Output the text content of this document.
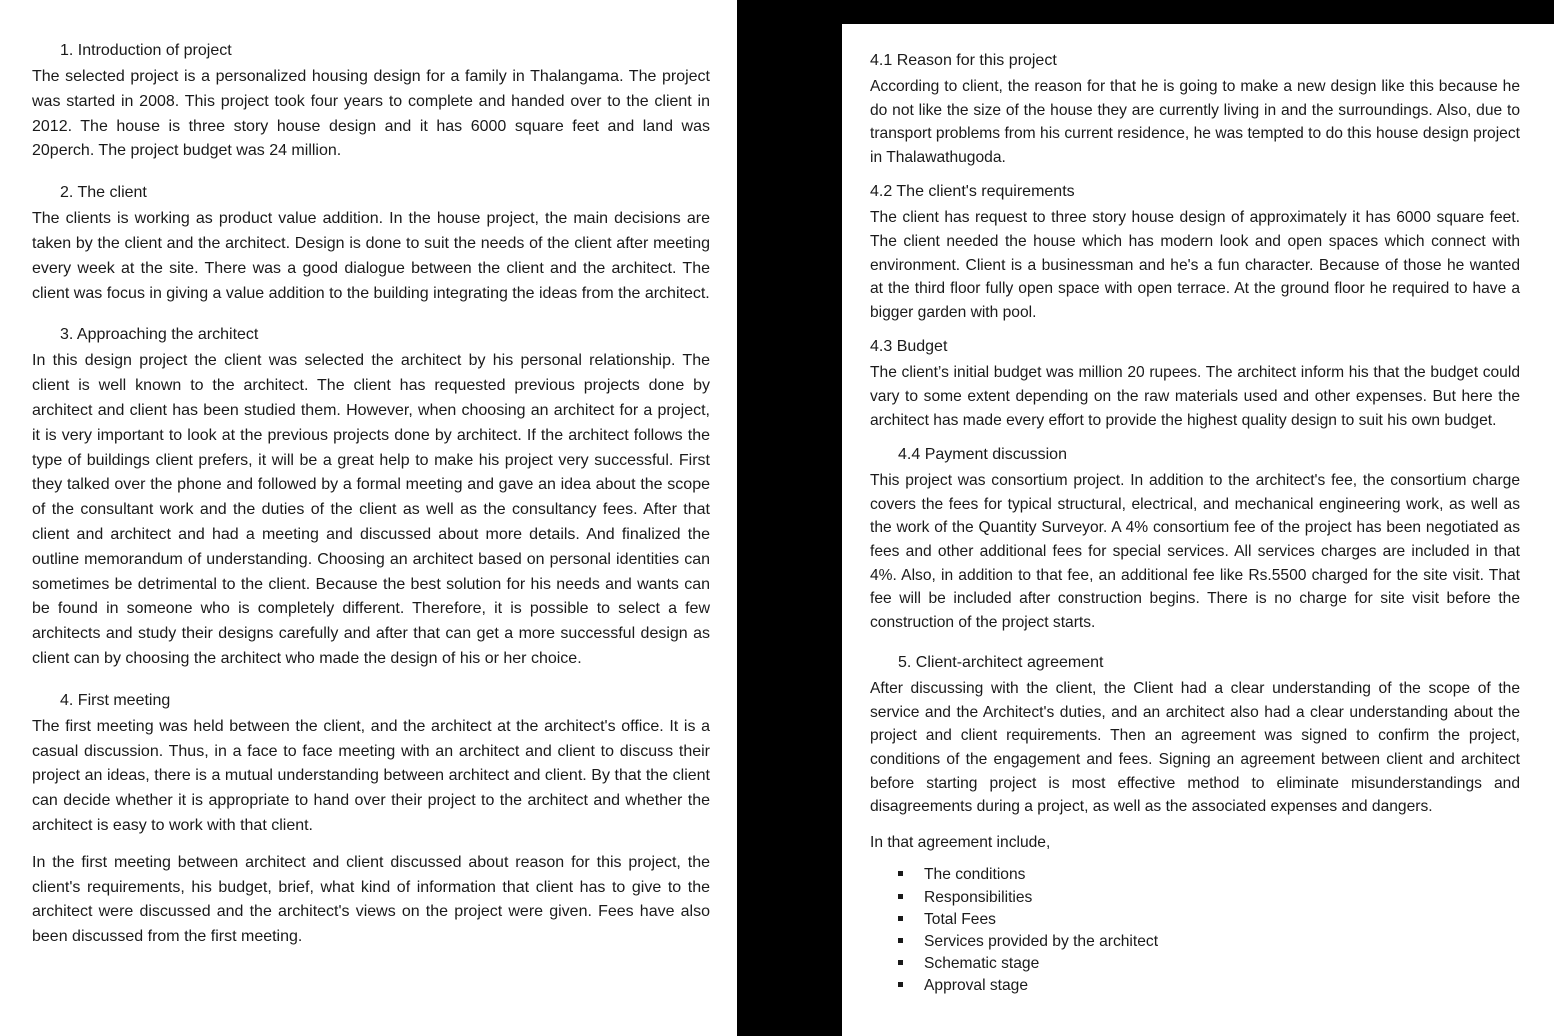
1. Introduction of project

The selected project is a personalized housing design for a family in Thalangama. The project was started in 2008. This project took four years to complete and handed over to the client in 2012. The house is three story house design and it has 6000 square feet and land was 20perch. The project budget was 24 million.

2. The client

The clients is working as product value addition. In the house project, the main decisions are taken by the client and the architect. Design is done to suit the needs of the client after meeting every week at the site. There was a good dialogue between the client and the architect. The client was focus in giving a value addition to the building integrating the ideas from the architect.

3. Approaching the architect

In this design project the client was selected the architect by his personal relationship. The client is well known to the architect. The client has requested previous projects done by architect and client has been studied them. However, when choosing an architect for a project, it is very important to look at the previous projects done by architect. If the architect follows the type of buildings client prefers, it will be a great help to make his project very successful. First they talked over the phone and followed by a formal meeting and gave an idea about the scope of the consultant work and the duties of the client as well as the consultancy fees. After that client and architect and had a meeting and discussed about more details. And finalized the outline memorandum of understanding. Choosing an architect based on personal identities can sometimes be detrimental to the client. Because the best solution for his needs and wants can be found in someone who is completely different. Therefore, it is possible to select a few architects and study their designs carefully and after that can get a more successful design as client can by choosing the architect who made the design of his or her choice.

4. First meeting

The first meeting was held between the client, and the architect at the architect's office. It is a casual discussion. Thus, in a face to face meeting with an architect and client to discuss their project an ideas, there is a mutual understanding between architect and client. By that the client can decide whether it is appropriate to hand over their project to the architect and whether the architect is easy to work with that client.

In the first meeting between architect and client discussed about reason for this project, the client's requirements, his budget, brief, what kind of information that client has to give to the architect were discussed and the architect's views on the project were given. Fees have also been discussed from the first meeting.

4.1 Reason for this project

According to client, the reason for that he is going to make a new design like this because he do not like the size of the house they are currently living in and the surroundings. Also, due to transport problems from his current residence, he was tempted to do this house design project in Thalawathugoda.

4.2 The client's requirements

The client has request to three story house design of approximately it has 6000 square feet. The client needed the house which has modern look and open spaces which connect with environment. Client is a businessman and he's a fun character. Because of those he wanted at the third floor fully open space with open terrace. At the ground floor he required to have a bigger garden with pool.

4.3 Budget

The client’s initial budget was million 20 rupees. The architect inform his that the budget could vary to some extent depending on the raw materials used and other expenses. But here the architect has made every effort to provide the highest quality design to suit his own budget.

4.4 Payment discussion

This project was consortium project. In addition to the architect's fee, the consortium charge covers the fees for typical structural, electrical, and mechanical engineering work, as well as the work of the Quantity Surveyor. A 4% consortium fee of the project has been negotiated as fees and other additional fees for special services. All services charges are included in that 4%. Also, in addition to that fee, an additional fee like Rs.5500 charged for the site visit. That fee will be included after construction begins. There is no charge for site visit before the construction of the project starts.

5. Client-architect agreement

After discussing with the client, the Client had a clear understanding of the scope of the service and the Architect's duties, and an architect also had a clear understanding about the project and client requirements. Then an agreement was signed to confirm the project, conditions of the engagement and fees. Signing an agreement between client and architect before starting project is most effective method to eliminate misunderstandings and disagreements during a project, as well as the associated expenses and dangers.

In that agreement include,

The conditions
Responsibilities
Total Fees
Services provided by the architect
Schematic stage
Approval stage
